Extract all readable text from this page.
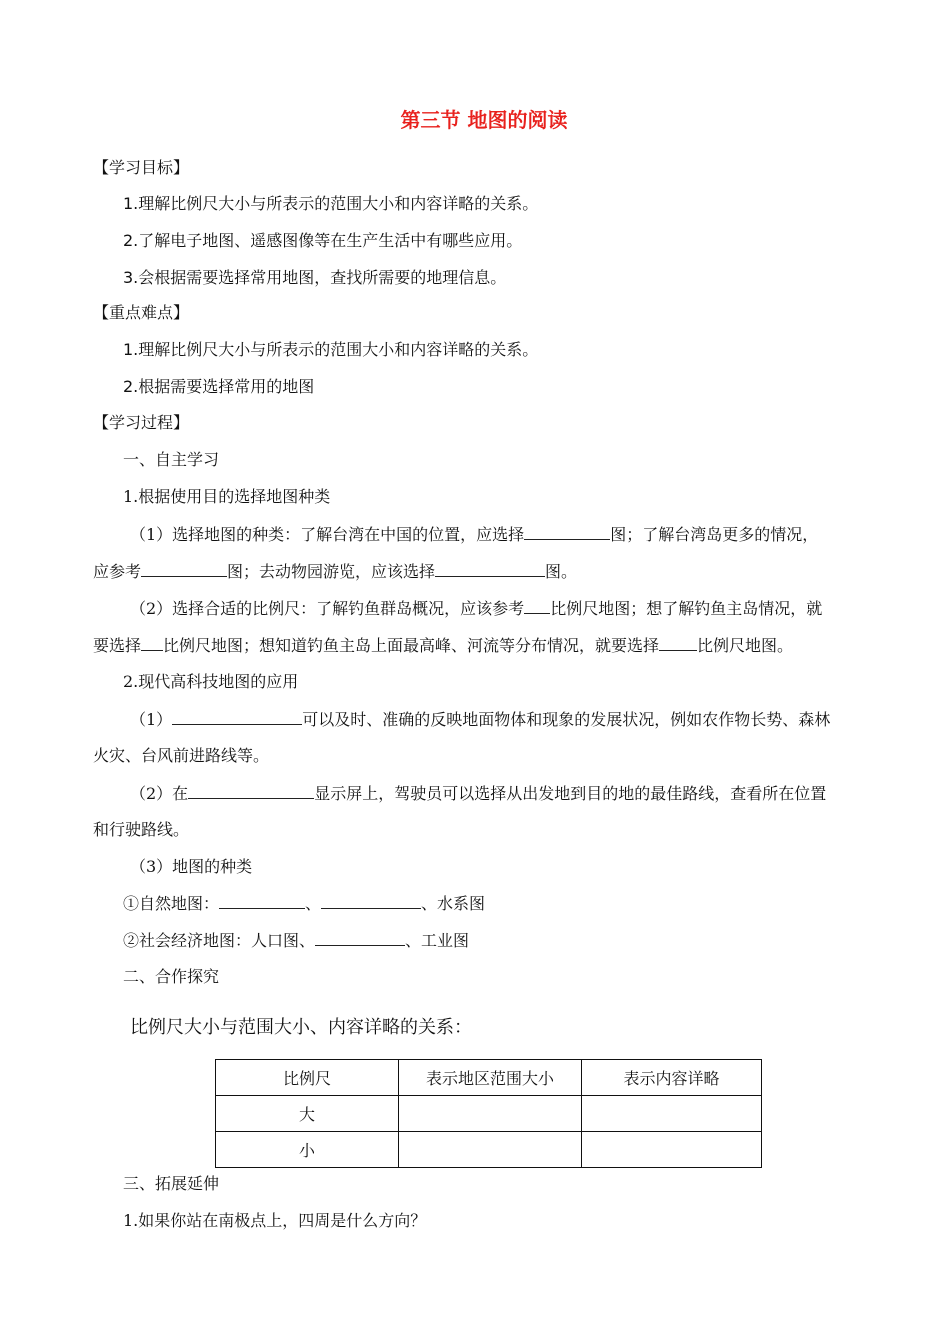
第三节 地图的阅读
【学习目标】
1.理解比例尺大小与所表示的范围大小和内容详略的关系。
2.了解电子地图、遥感图像等在生产生活中有哪些应用。
3.会根据需要选择常用地图，查找所需要的地理信息。
【重点难点】
1.理解比例尺大小与所表示的范围大小和内容详略的关系。
2.根据需要选择常用的地图
【学习过程】
一、自主学习
1.根据使用目的选择地图种类
（1）选择地图的种类：了解台湾在中国的位置，应选择	图；了解台湾岛更多的情况，
应参考	图；去动物园游览，应该选择	图。
（2）选择合适的比例尺：了解钓鱼群岛概况，应该参考 比例尺地图；想了解钓鱼主岛情况，就
要选择 比例尺地图；想知道钓鱼主岛上面最高峰、河流等分布情况，就要选择 比例尺地图。
2.现代高科技地图的应用
（1）	可以及时、准确的反映地面物体和现象的发展状况，例如农作物长势、森林
火灾、台风前进路线等。
（2）在	显示屏上，驾驶员可以选择从出发地到目的地的最佳路线，查看所在位置
和行驶路线。
（3）地图的种类
①自然地图：	、	、水系图
②社会经济地图：人口图、	、工业图
二、合作探究
比例尺大小与范围大小、内容详略的关系：
比例尺	表示地区范围大小	表示内容详略
大		
小		
三、拓展延伸
1.如果你站在南极点上，四周是什么方向？
